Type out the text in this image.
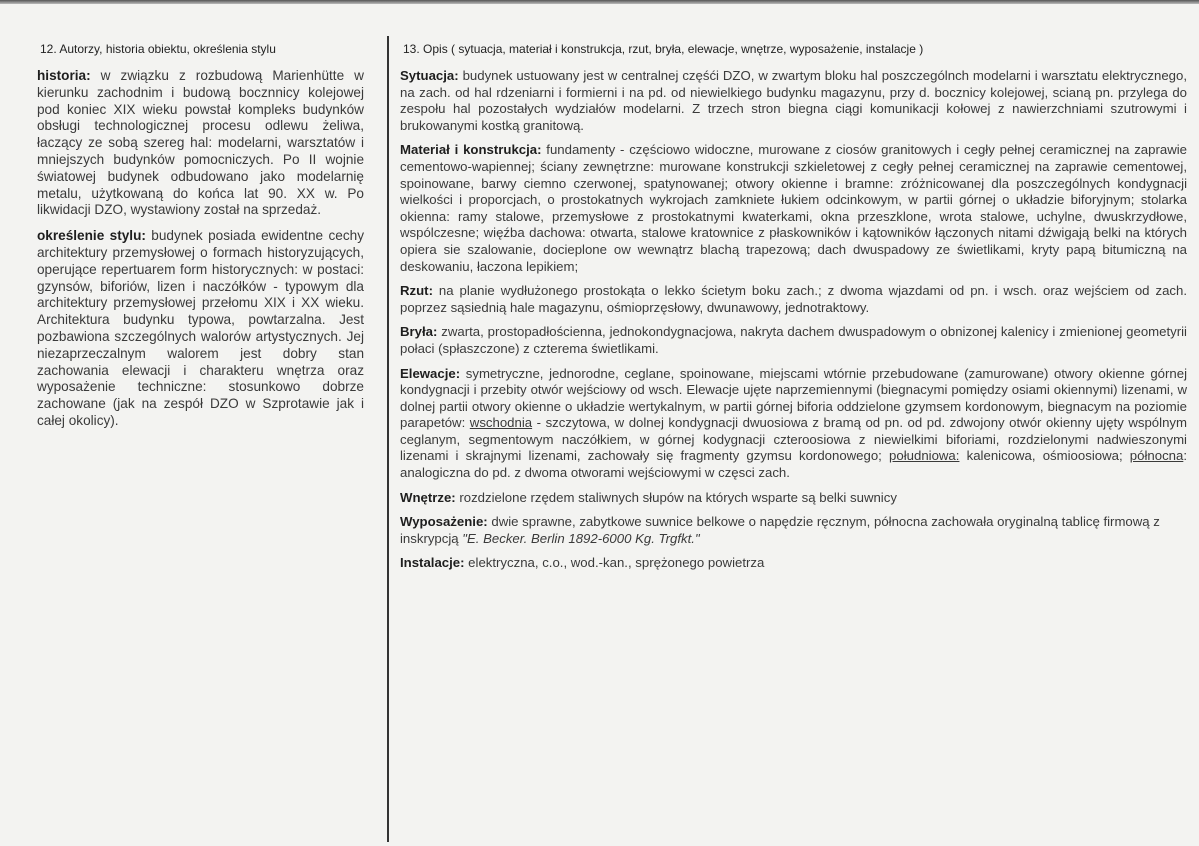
12. Autorzy, historia obiektu, określenia stylu

historia: w związku z rozbudową Marienhütte w kierunku zachodnim i budową bocznnicy kolejowej pod koniec XIX wieku powstał kompleks budynków obsługi technologicznej procesu odlewu żeliwa, łaczący ze sobą szereg hal: modelarni, warsztatów i mniejszych budynków pomocniczych. Po II wojnie światowej budynek odbudowano jako modelarnię metalu, użytkowaną do końca lat 90. XX w. Po likwidacji DZO, wystawiony został na sprzedaż.

określenie stylu: budynek posiada ewidentne cechy architektury przemysłowej o formach historyzujących, operujące repertuarem form historycznych: w postaci: gzynsów, biforiów, lizen i naczółków - typowym dla architektury przemysłowej przełomu XIX i XX wieku. Architektura budynku typowa, powtarzalna. Jest pozbawiona szczególnych walorów artystycznych. Jej niezaprzeczalnym walorem jest dobry stan zachowania elewacji i charakteru wnętrza oraz wyposażenie techniczne: stosunkowo dobrze zachowane (jak na zespół DZO w Szprotawie jak i całej okolicy).

13. Opis ( sytuacja, materiał i konstrukcja, rzut, bryła, elewacje, wnętrze, wyposażenie, instalacje )

Sytuacja: budynek ustuowany jest w centralnej częśći DZO, w zwartym bloku hal poszczególnch modelarni i warsztatu elektrycznego, na zach. od hal rdzeniarni i formierni i na pd. od niewielkiego budynku magazynu, przy d. bocznicy kolejowej, scianą pn. przylega do zespołu hal pozostałych wydziałów modelarni. Z trzech stron biegna ciągi komunikacji kołowej z nawierzchniami szutrowymi i brukowanymi kostką granitową.

Materiał i konstrukcja: fundamenty - częściowo widoczne, murowane z ciosów granitowych i cegły pełnej ceramicznej na zaprawie cementowo-wapiennej; ściany zewnętrzne: murowane konstrukcji szkieletowej z cegły pełnej ceramicznej na zaprawie cementowej, spoinowane, barwy ciemno czerwonej, spatynowanej; otwory okienne i bramne: zróżnicowanej dla poszczególnych kondygnacji wielkości i proporcjach, o prostokatnych wykrojach zamkniete łukiem odcinkowym, w partii górnej o układzie biforyjnym; stolarka okienna: ramy stalowe, przemysłowe z prostokatnymi kwaterkami, okna przeszklone, wrota stalowe, uchylne, dwuskrzydłowe, wspólczesne; więźba dachowa: otwarta, stalowe kratownice z płaskowników i kątowników łączonych nitami dźwigają belki na których opiera sie szalowanie, docieplone ow wewnątrz blachą trapezową; dach dwuspadowy ze świetlikami, kryty papą bitumiczną na deskowaniu, łaczona lepikiem;

Rzut: na planie wydłużonego prostokąta o lekko ścietym boku zach.; z dwoma wjazdami od pn. i wsch. oraz wejściem od zach. poprzez sąsiednią hale magazynu, ośmioprzęsłowy, dwunawowy, jednotraktowy.

Bryła: zwarta, prostopadłościenna, jednokondygnacjowa, nakryta dachem dwuspadowym o obnizonej kalenicy i zmienionej geometyrii połaci (spłaszczone) z czterema świetlikami.

Elewacje: symetryczne, jednorodne, ceglane, spoinowane, miejscami wtórnie przebudowane (zamurowane) otwory okienne górnej kondygnacji i przebity otwór wejściowy od wsch. Elewacje ujęte naprzemiennymi (biegnacymi pomiędzy osiami okiennymi) lizenami, w dolnej partii otwory okienne o układzie wertykalnym, w partii górnej biforia oddzielone gzymsem kordonowym, biegnacym na poziomie parapetów: wschodnia - szczytowa, w dolnej kondygnacji dwuosiowa z bramą od pn. od pd. zdwojony otwór okienny ujęty wspólnym ceglanym, segmentowym naczółkiem, w górnej kodygnacji czteroosiowa z niewielkimi biforiami, rozdzielonymi nadwieszonymi lizenami i skrajnymi lizenami, zachowały się fragmenty gzymsu kordonowego; południowa: kalenicowa, ośmioosiowa; północna: analogiczna do pd. z dwoma otworami wejściowymi w częsci zach.

Wnętrze: rozdzielone rzędem staliwnych słupów na których wsparte są belki suwnicy

Wyposażenie: dwie sprawne, zabytkowe suwnice belkowe o napędzie ręcznym, północna zachowała oryginalną tablicę firmową z inskrypcją "E. Becker. Berlin 1892-6000 Kg. Trgfkt."

Instalacje: elektryczna, c.o., wod.-kan., sprężonego powietrza
